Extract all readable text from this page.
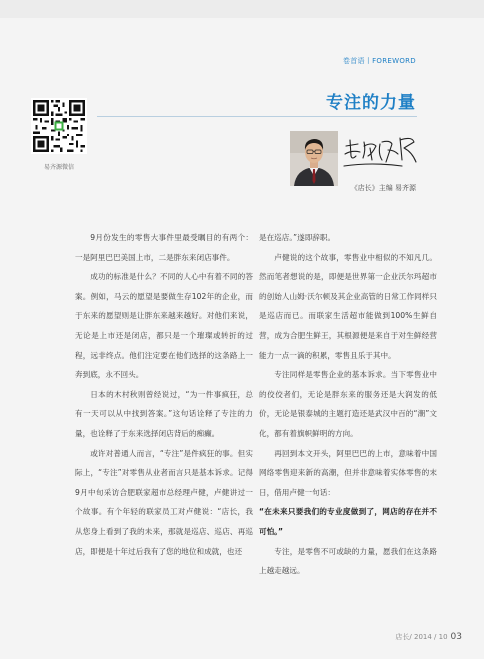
卷首语丨FOREWORD
专注的力量
易齐源微信
《店长》主编 易齐源

9月份发生的零售大事件里最受瞩目的有两个：一是阿里巴巴美国上市，二是胖东来闭店事件。

成功的标准是什么？不同的人心中有着不同的答案。例如，马云的愿望是要做生存102年的企业，而于东来的愿望则是让胖东来越来越好。对他们来说，无论是上市还是闭店，都只是一个璀璨或转折的过程，远非终点。他们注定要在他们选择的这条路上一奔到底，永不回头。

日本的木村秋则曾经说过，“为一件事疯狂，总有一天可以从中找到答案。”这句话诠释了专注的力量，也诠释了于东来选择闭店背后的痴癫。

或许对普通人而言，“专注”是件疯狂的事。但实际上，“专注”对零售从业者而言只是基本诉求。记得9月中旬采访合肥联家超市总经理卢健，卢健讲过一个故事。有个年轻的联家员工对卢健说：“店长，我从您身上看到了我的未来，那就是巡店、巡店、再巡店，即便是十年过后我有了您的地位和成就，也还

是在巡店。”遂即辞职。

卢健说的这个故事，零售业中相似的不知凡几。然而笔者想说的是，即便是世界第一企业沃尔玛超市的创始人山姆·沃尔顿及其企业高管的日常工作同样只是巡店而已。而联家生活超市能做到100%生鲜自营，成为合肥生鲜王，其根源便是来自于对生鲜经营能力一点一滴的积累，零售且乐于其中。

专注同样是零售企业的基本诉求。当下零售业中的佼佼者们，无论是胖东来的服务还是大润发的低价，无论是银泰城的主题打造还是武汉中百的“潮”文化，都有着旗帜鲜明的方向。

再回到本文开头，阿里巴巴的上市，意味着中国网络零售迎来新的高潮，但并非意味着实体零售的末日，借用卢健一句话：

“在未来只要我们的专业度做到了，网店的存在并不可怕。”

专注，是零售不可或缺的力量，愿我们在这条路上越走越远。

店长/ 2014 / 10 03
